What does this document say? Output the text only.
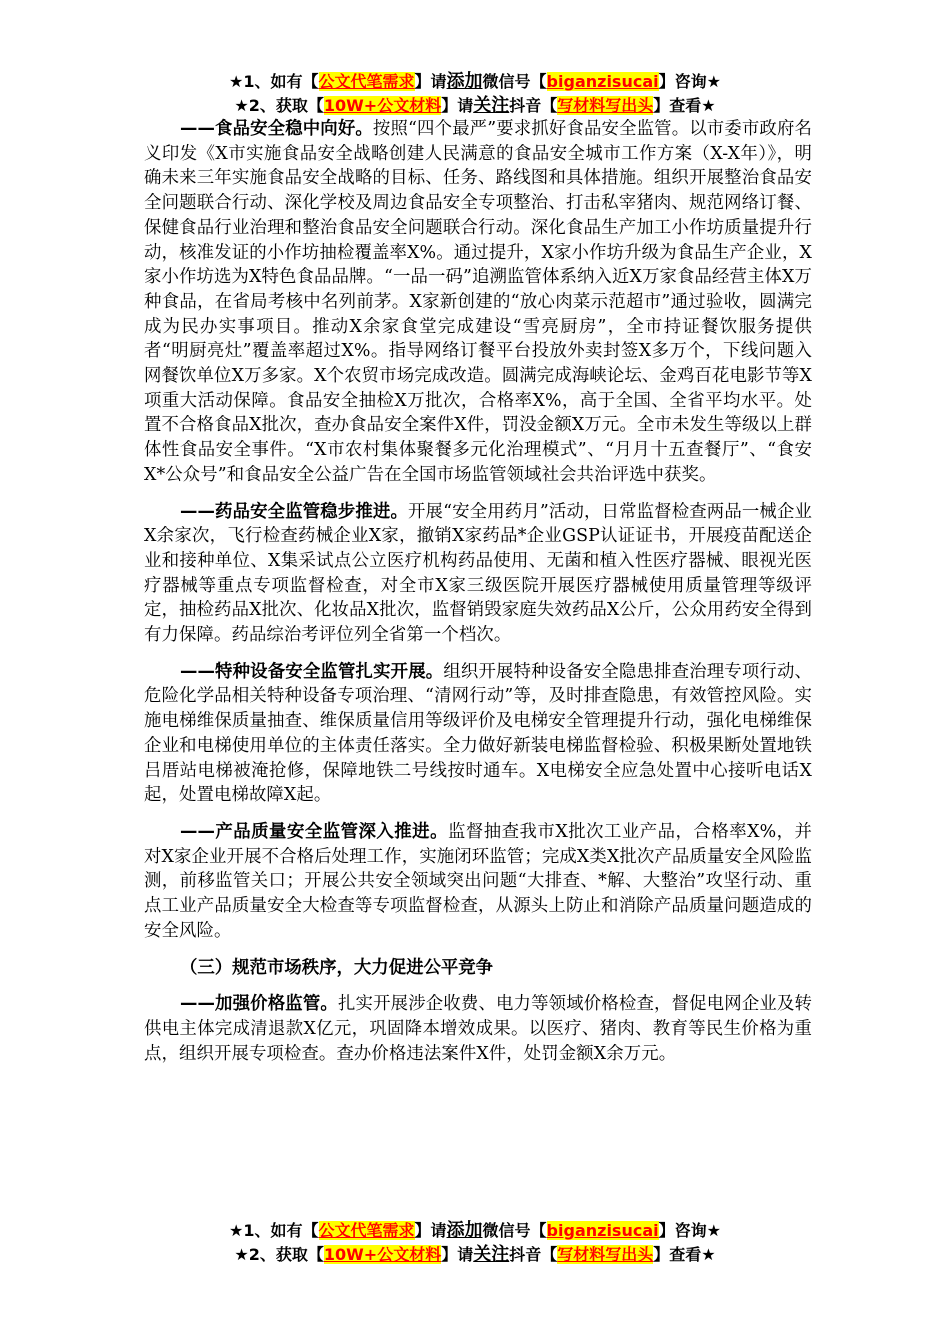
★1、如有【公文代笔需求】请添加微信号【biganzisucai】咨询★
★2、获取【10W+公文材料】请关注抖音【写材料写出头】查看★

——食品安全稳中向好。按照“四个最严”要求抓好食品安全监管。以市委市政府名义印发《X市实施食品安全战略创建人民满意的食品安全城市工作方案（X-X年）》，明确未来三年实施食品安全战略的目标、任务、路线图和具体措施。组织开展整治食品安全问题联合行动、深化学校及周边食品安全专项整治、打击私宰猪肉、规范网络订餐、保健食品行业治理和整治食品安全问题联合行动。深化食品生产加工小作坊质量提升行动，核准发证的小作坊抽检覆盖率X%。通过提升，X家小作坊升级为食品生产企业，X家小作坊选为X特色食品品牌。“一品一码”追溯监管体系纳入近X万家食品经营主体X万种食品，在省局考核中名列前茅。X家新创建的“放心肉菜示范超市”通过验收，圆满完成为民办实事项目。推动X余家食堂完成建设“雪亮厨房”，全市持证餐饮服务提供者“明厨亮灶”覆盖率超过X%。指导网络订餐平台投放外卖封签X多万个，下线问题入网餐饮单位X万多家。X个农贸市场完成改造。圆满完成海峡论坛、金鸡百花电影节等X项重大活动保障。食品安全抽检X万批次，合格率X%，高于全国、全省平均水平。处置不合格食品X批次，查办食品安全案件X件，罚没金额X万元。全市未发生等级以上群体性食品安全事件。“X市农村集体聚餐多元化治理模式”、“月月十五查餐厅”、“食安X*公众号”和食品安全公益广告在全国市场监管领域社会共治评选中获奖。

——药品安全监管稳步推进。开展“安全用药月”活动，日常监督检查两品一械企业X余家次，飞行检查药械企业X家，撤销X家药品*企业GSP认证证书，开展疫苗配送企业和接种单位、X集采试点公立医疗机构药品使用、无菌和植入性医疗器械、眼视光医疗器械等重点专项监督检查，对全市X家三级医院开展医疗器械使用质量管理等级评定，抽检药品X批次、化妆品X批次，监督销毁家庭失效药品X公斤，公众用药安全得到有力保障。药品综治考评位列全省第一个档次。

——特种设备安全监管扎实开展。组织开展特种设备安全隐患排查治理专项行动、危险化学品相关特种设备专项治理、“清网行动”等，及时排查隐患，有效管控风险。实施电梯维保质量抽查、维保质量信用等级评价及电梯安全管理提升行动，强化电梯维保企业和电梯使用单位的主体责任落实。全力做好新装电梯监督检验、积极果断处置地铁吕厝站电梯被淹抢修，保障地铁二号线按时通车。X电梯安全应急处置中心接听电话X起，处置电梯故障X起。

——产品质量安全监管深入推进。监督抽查我市X批次工业产品，合格率X%，并对X家企业开展不合格后处理工作，实施闭环监管；完成X类X批次产品质量安全风险监测，前移监管关口；开展公共安全领域突出问题“大排查、*解、大整治”攻坚行动、重点工业产品质量安全大检查等专项监督检查，从源头上防止和消除产品质量问题造成的安全风险。

（三）规范市场秩序，大力促进公平竞争

——加强价格监管。扎实开展涉企收费、电力等领域价格检查，督促电网企业及转供电主体完成清退款X亿元，巩固降本增效成果。以医疗、猪肉、教育等民生价格为重点，组织开展专项检查。查办价格违法案件X件，处罚金额X余万元。

★1、如有【公文代笔需求】请添加微信号【biganzisucai】咨询★
★2、获取【10W+公文材料】请关注抖音【写材料写出头】查看★
